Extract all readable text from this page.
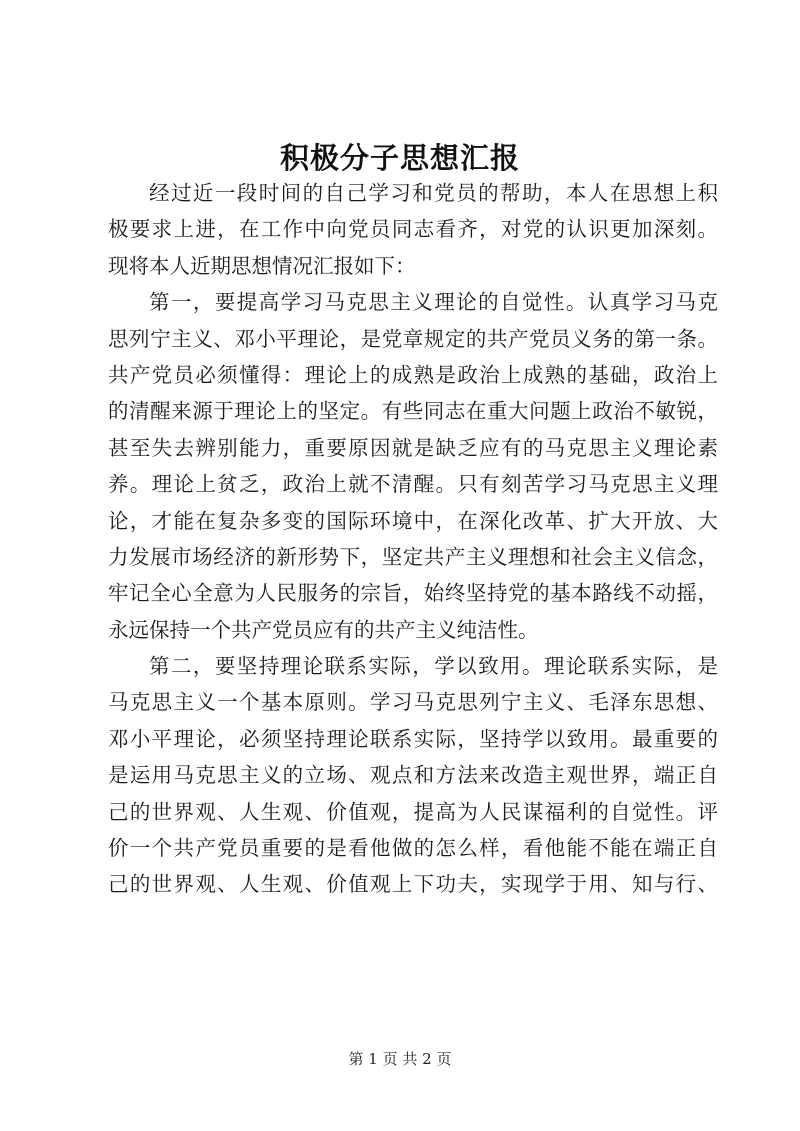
积极分子思想汇报
经过近一段时间的自己学习和党员的帮助，本人在思想上积
极要求上进，在工作中向党员同志看齐，对党的认识更加深刻。
现将本人近期思想情况汇报如下：
第一，要提高学习马克思主义理论的自觉性。认真学习马克
思列宁主义、邓小平理论，是党章规定的共产党员义务的第一条。
共产党员必须懂得：理论上的成熟是政治上成熟的基础，政治上
的清醒来源于理论上的坚定。有些同志在重大问题上政治不敏锐，
甚至失去辨别能力，重要原因就是缺乏应有的马克思主义理论素
养。理论上贫乏，政治上就不清醒。只有刻苦学习马克思主义理
论，才能在复杂多变的国际环境中，在深化改革、扩大开放、大
力发展市场经济的新形势下，坚定共产主义理想和社会主义信念，
牢记全心全意为人民服务的宗旨，始终坚持党的基本路线不动摇，
永远保持一个共产党员应有的共产主义纯洁性。
第二，要坚持理论联系实际，学以致用。理论联系实际，是
马克思主义一个基本原则。学习马克思列宁主义、毛泽东思想、
邓小平理论，必须坚持理论联系实际，坚持学以致用。最重要的
是运用马克思主义的立场、观点和方法来改造主观世界，端正自
己的世界观、人生观、价值观，提高为人民谋福利的自觉性。评
价一个共产党员重要的是看他做的怎么样，看他能不能在端正自
己的世界观、人生观、价值观上下功夫，实现学于用、知与行、
第 1 页 共 2 页
